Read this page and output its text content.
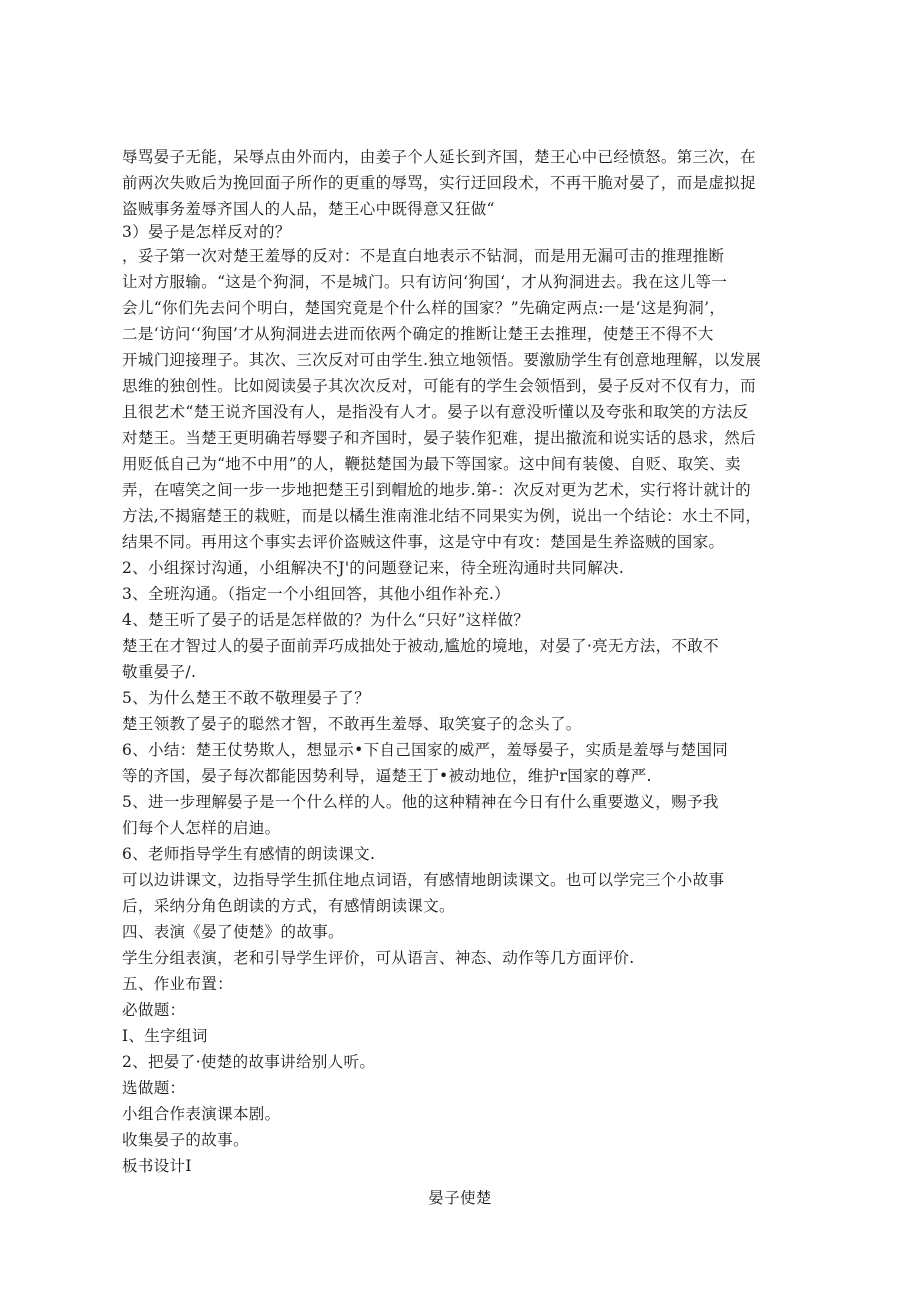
辱骂晏子无能，呆辱点由外而内，由姜子个人延长到齐国，楚王心中已经愤怒。第三次，在
前两次失败后为挽回面子所作的更重的辱骂，实行迂回段术，不再干脆对晏了，而是虚拟捉
盗贼事务羞辱齐国人的人品，楚王心中既得意又狂做“
3）晏子是怎样反对的？
，妥子第一次对楚王羞辱的反对：不是直白地表示不钻洞，而是用无漏可击的推理推断
让对方服输。“这是个狗洞，不是城门。只有访问‘狗国‘，才从狗洞进去。我在这儿等一
会儿“你们先去问个明白，楚国究竟是个什么样的国家？”先确定两点:一是‘这是狗洞’，
二是‘访问‘‘狗国’才从狗洞进去进而依两个确定的推断让楚王去推理，使楚王不得不大
开城门迎接理子。其次、三次反对可由学生.独立地领悟。要激励学生有创意地理解，以发展
思维的独创性。比如阅读晏子其次次反对，可能有的学生会领悟到，晏子反对不仅有力，而
且很艺术“楚王说齐国没有人，是指没有人才。晏子以有意没听懂以及夸张和取笑的方法反
对楚王。当楚王更明确若辱婴子和齐国时，晏子装作犯难，提出撤流和说实话的恳求，然后
用贬低自己为“地不中用”的人，鞭挞楚国为最下等国家。这中间有装傻、自贬、取笑、卖
弄，在嘻笑之间一步一步地把楚王引到帽尬的地步.第-：次反对更为艺术，实行将计就计的
方法,不揭寤楚王的栽赃，而是以橘生淮南淮北结不同果实为例，说出一个结论：水土不同，
结果不同。再用这个事实去评价盗贼这件事，这是守中有攻：楚国是生养盗贼的国家。
2、小组探讨沟通，小组解决不J'的问题登记来，待全班沟通时共同解决.
3、全班沟通。（指定一个小组回答，其他小组作补充.）
4、楚王听了晏子的话是怎样做的？为什么“只好”这样做？
楚王在才智过人的晏子面前弄巧成拙处于被动,尴尬的境地，对晏了·亮无方法，不敢不
敬重晏子/.
5、为什么楚王不敢不敬理晏子了？
楚王领教了晏子的聪然才智，不敢再生羞辱、取笑宴子的念头了。
6、小结：楚王仗势欺人，想显示•下自己国家的威严，羞辱晏子，实质是羞辱与楚国同
等的齐国，晏子每次都能因势利导，逼楚王丁•被动地位，维护r国家的尊严.
5、进一步理解晏子是一个什么样的人。他的这种精神在今日有什么重要遨义，赐予我
们每个人怎样的启迪。
6、老师指导学生有感情的朗读课文.
可以边讲课文，边指导学生抓住地点词语，有感情地朗读课文。也可以学完三个小故事
后，采纳分角色朗读的方式，有感情朗读课文。
四、表演《晏了使楚》的故事。
学生分组表演，老和引导学生评价，可从语言、神态、动作等几方面评价.
五、作业布置：
必做题：
I、生字组词
2、把晏了·使楚的故事讲给别人听。
选做题：
小组合作表演课本剧。
收集晏子的故事。
板书设计I
晏子使楚
